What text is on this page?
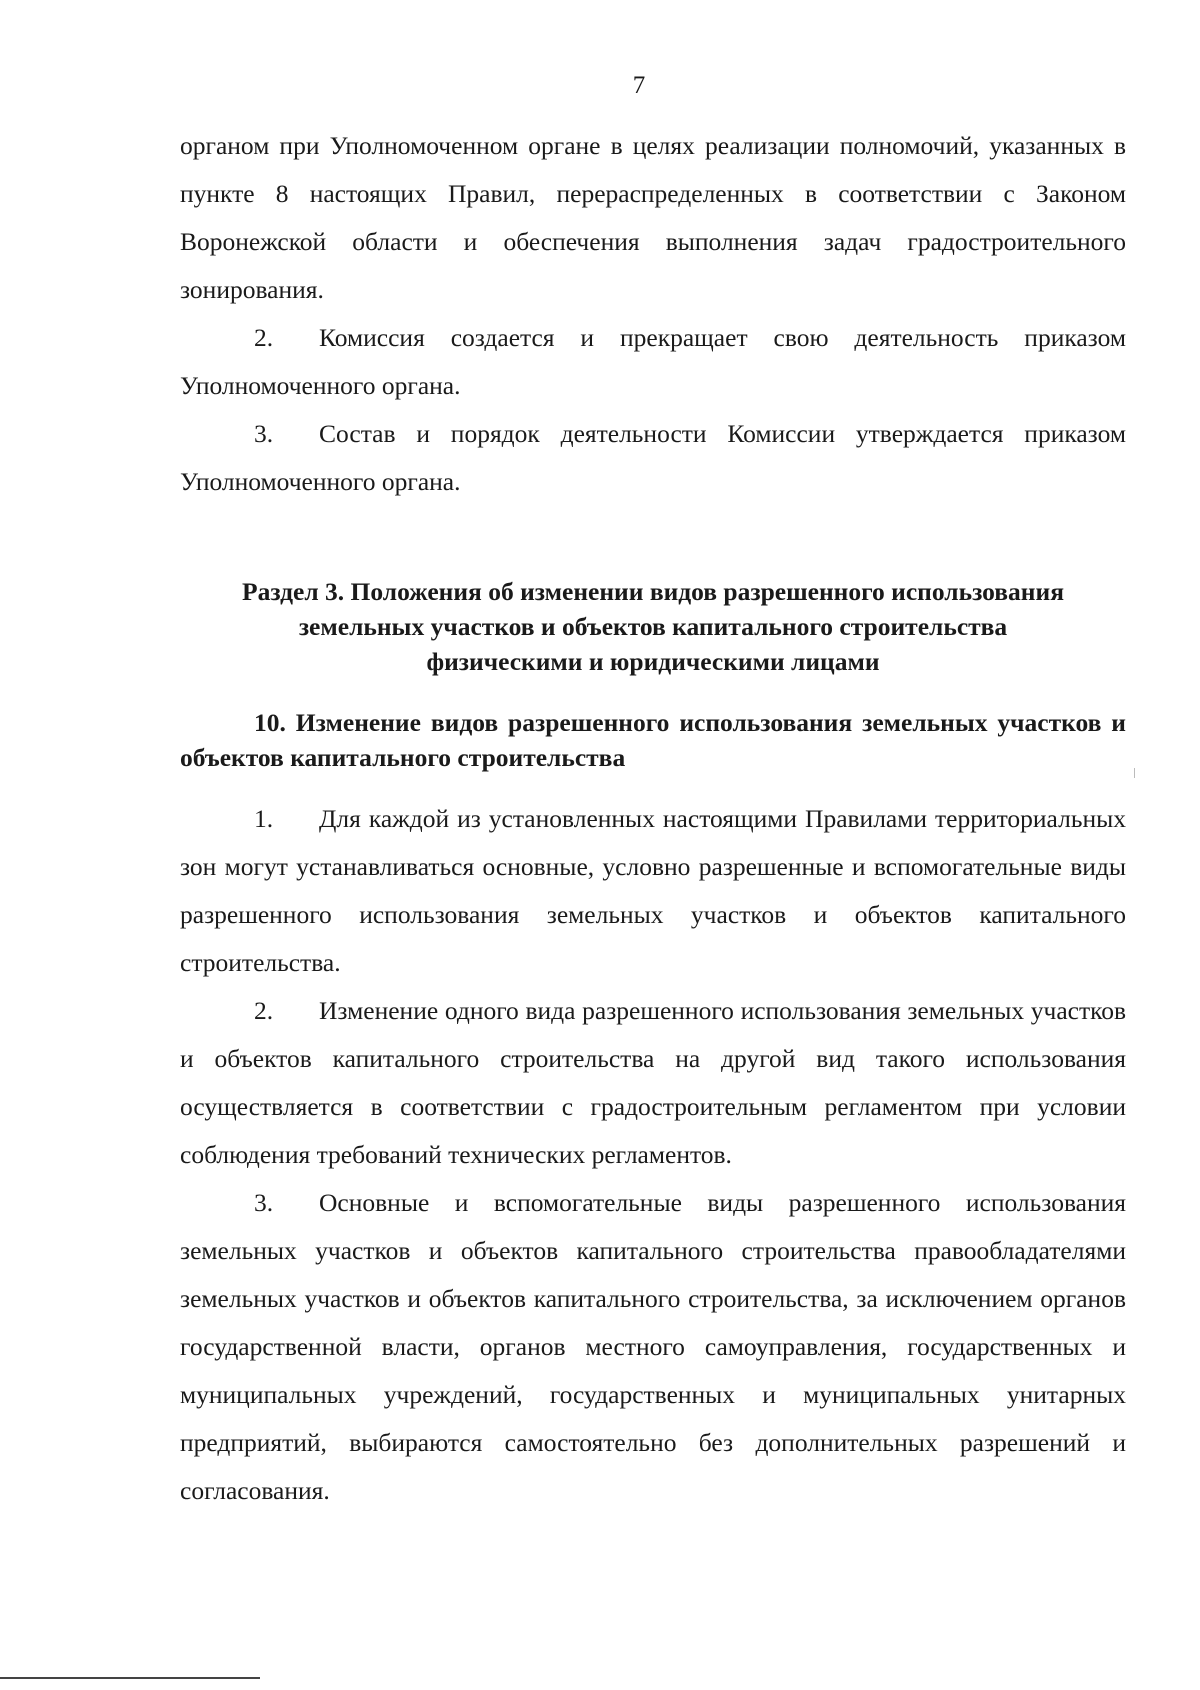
7

органом при Уполномоченном органе в целях реализации полномочий, указанных в пункте 8 настоящих Правил, перераспределенных в соответствии с Законом Воронежской области и обеспечения выполнения задач градостроительного зонирования.

2. Комиссия создается и прекращает свою деятельность приказом Уполномоченного органа.

3. Состав и порядок деятельности Комиссии утверждается приказом Уполномоченного органа.

Раздел 3. Положения об изменении видов разрешенного использования
земельных участков и объектов капитального строительства
физическими и юридическими лицами

10. Изменение видов разрешенного использования земельных участков и объектов капитального строительства

1. Для каждой из установленных настоящими Правилами территориальных зон могут устанавливаться основные, условно разрешенные и вспомогательные виды разрешенного использования земельных участков и объектов капитального строительства.

2. Изменение одного вида разрешенного использования земельных участков и объектов капитального строительства на другой вид такого использования осуществляется в соответствии с градостроительным регламентом при условии соблюдения требований технических регламентов.

3. Основные и вспомогательные виды разрешенного использования земельных участков и объектов капитального строительства правообладателями земельных участков и объектов капитального строительства, за исключением органов государственной власти, органов местного самоуправления, государственных и муниципальных учреждений, государственных и муниципальных унитарных предприятий, выбираются самостоятельно без дополнительных разрешений и согласования.
